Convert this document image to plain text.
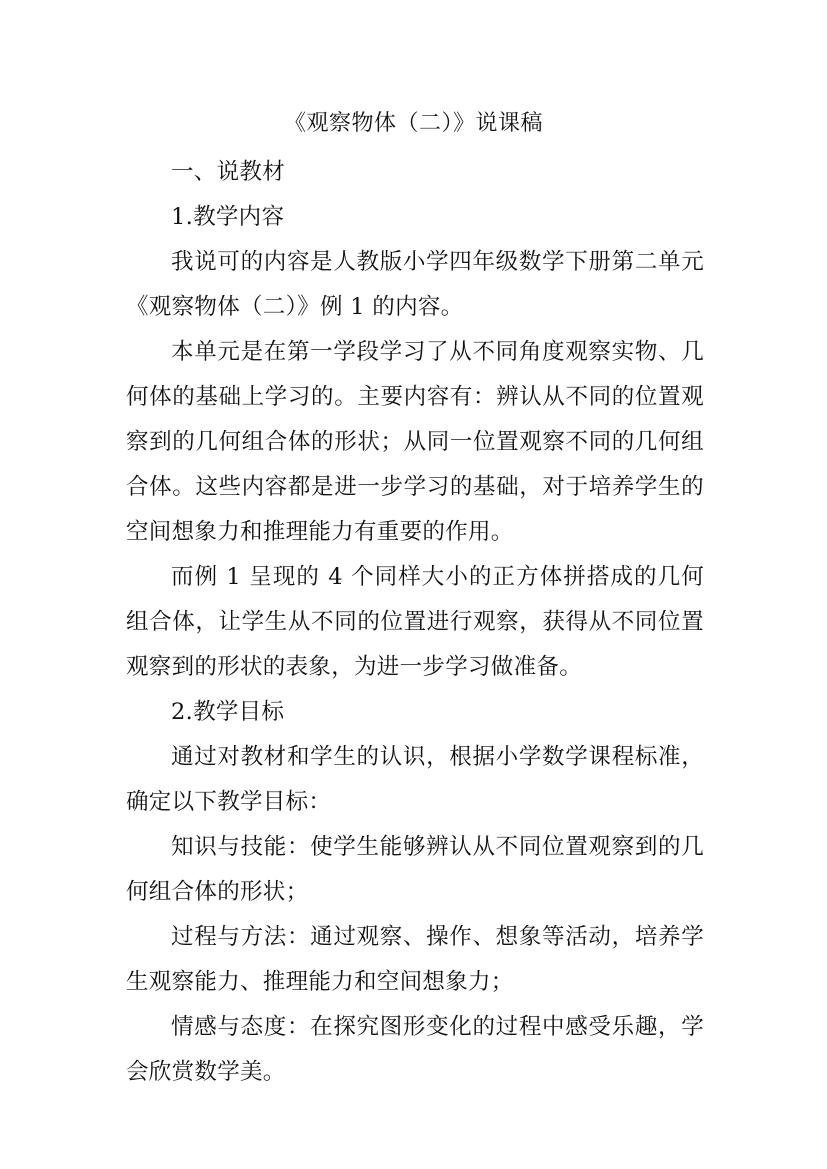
《观察物体（二）》说课稿

一、说教材

1.教学内容

我说可的内容是人教版小学四年级数学下册第二单元《观察物体（二）》例 1 的内容。

本单元是在第一学段学习了从不同角度观察实物、几何体的基础上学习的。主要内容有：辨认从不同的位置观察到的几何组合体的形状；从同一位置观察不同的几何组合体。这些内容都是进一步学习的基础，对于培养学生的空间想象力和推理能力有重要的作用。

而例 1 呈现的 4 个同样大小的正方体拼搭成的几何组合体，让学生从不同的位置进行观察，获得从不同位置观察到的形状的表象，为进一步学习做准备。

2.教学目标

通过对教材和学生的认识，根据小学数学课程标准，确定以下教学目标：

知识与技能：使学生能够辨认从不同位置观察到的几何组合体的形状；

过程与方法：通过观察、操作、想象等活动，培养学生观察能力、推理能力和空间想象力；

情感与态度：在探究图形变化的过程中感受乐趣，学会欣赏数学美。
